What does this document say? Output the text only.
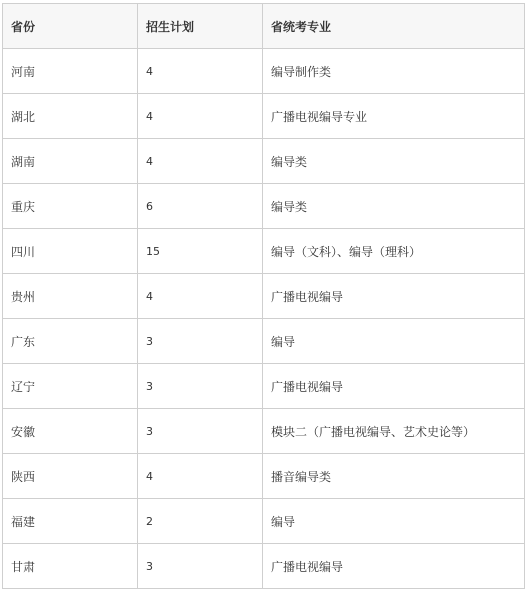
省份	招生计划	省统考专业
河南	4	编导制作类
湖北	4	广播电视编导专业
湖南	4	编导类
重庆	6	编导类
四川	15	编导（文科）、编导（理科）
贵州	4	广播电视编导
广东	3	编导
辽宁	3	广播电视编导
安徽	3	模块二（广播电视编导、艺术史论等）
陕西	4	播音编导类
福建	2	编导
甘肃	3	广播电视编导
